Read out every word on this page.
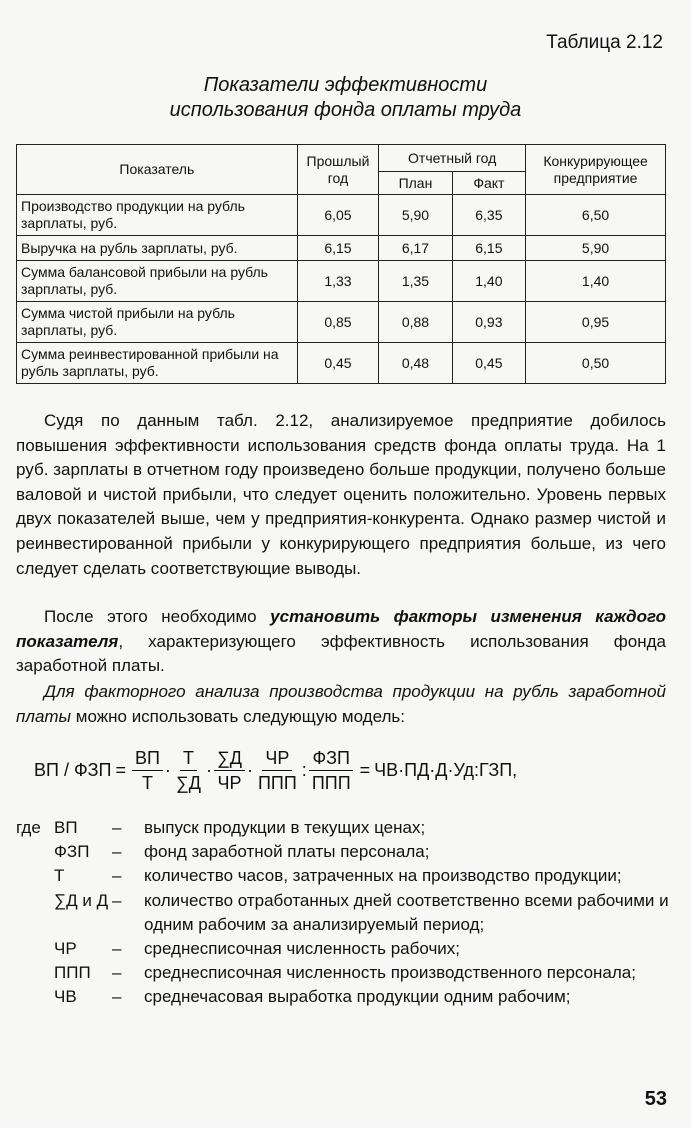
Таблица 2.12
Показатели эффективности
использования фонда оплаты труда
Показатель	Прошлый год	Отчетный год		Конкурирующее предприятие
		План	Факт	
Производство продукции на рубль зарплаты, руб.	6,05	5,90	6,35	6,50
Выручка на рубль зарплаты, руб.	6,15	6,17	6,15	5,90
Сумма балансовой прибыли на рубль зарплаты, руб.	1,33	1,35	1,40	1,40
Сумма чистой прибыли на рубль зарплаты, руб.	0,85	0,88	0,93	0,95
Сумма реинвестированной прибыли на рубль зарплаты, руб.	0,45	0,48	0,45	0,50

Судя по данным табл. 2.12, анализируемое предприятие добилось повышения эффективности использования средств фонда оплаты труда. На 1 руб. зарплаты в отчетном году произведено больше продукции, получено больше валовой и чистой прибыли, что следует оценить положительно. Уровень первых двух показателей выше, чем у предприятия-конкурента. Однако размер чистой и реинвестированной прибыли у конкурирующего предприятия больше, из чего следует сделать соответствующие выводы.

После этого необходимо установить факторы изменения каждого показателя, характеризующего эффективность использования фонда заработной платы.

Для факторного анализа производства продукции на рубль заработной платы можно использовать следующую модель:

ВП / ФЗП = $\frac{ВП}{Т} \cdot \frac{Т}{\sum Д} \cdot \frac{\sum Д}{ЧР} \cdot \frac{ЧР}{\text{ППП}}$ : $\frac{\text{ФЗП}}{\text{ППП}}$ = ЧВ·ПД·Д·Уд:ГЗП,
где ВП	–	выпуск продукции в текущих ценах;
ФЗП	–	фонд заработной платы персонала;
Т	–	количество часов, затраченных на производство продукции;
∑Д и Д –	количество отработанных дней соответственно всеми рабочими и одним рабочим за анализируемый период;
ЧР	–	среднесписочная численность рабочих;
ППП	–	среднесписочная численность производственного персонала;
ЧВ	–	среднечасовая выработка продукции одним рабочим;
53
